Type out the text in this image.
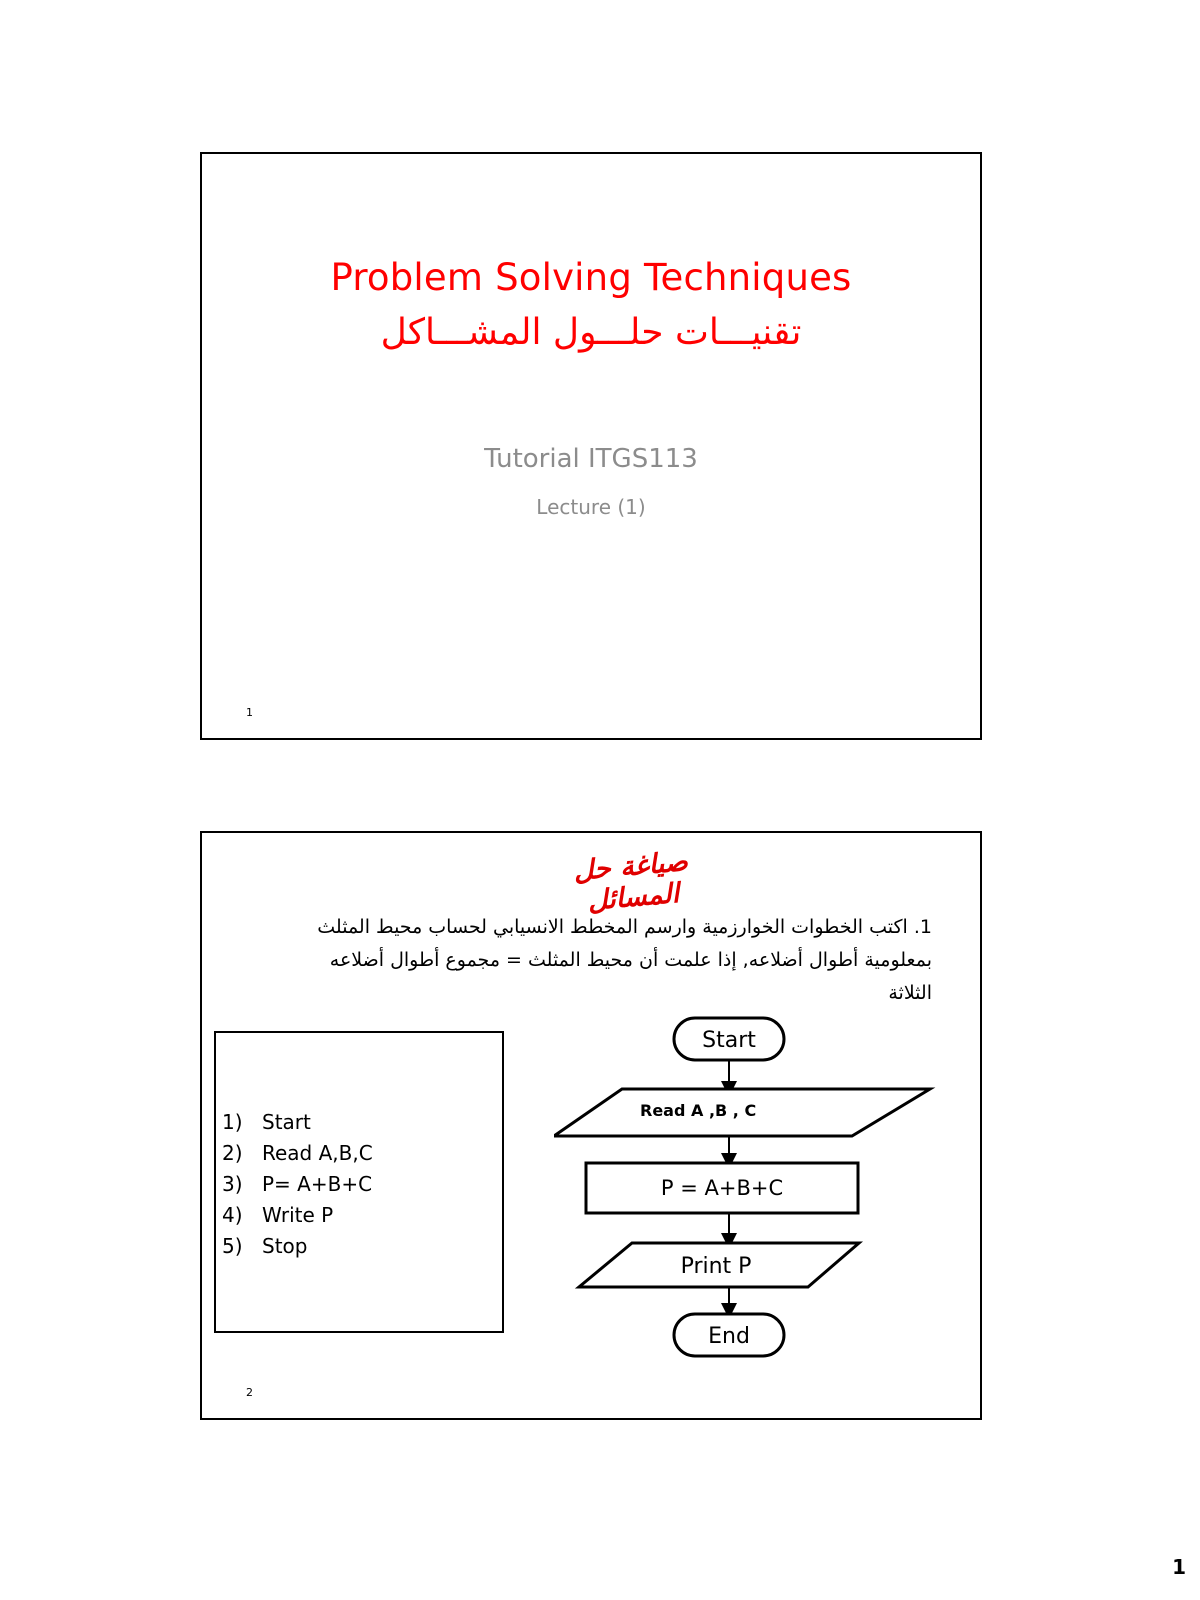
Problem Solving Techniques
تقنيـــات حلـــول المشـــاكل
Tutorial ITGS113
Lecture (1)
1
صياغة حل المسائل
1. اكتب الخطوات الخوارزمية وارسم المخطط الانسيابي لحساب محيط المثلث
بمعلومية أطوال أضلاعه, إذا علمت أن محيط المثلث = مجموع أطوال أضلاعه
الثلاثة
1) Start
2) Read A,B,C
3) P= A+B+C
4) Write P
5) Stop
Start
Read A ,B , C
P = A+B+C
Print P
End
2
1
